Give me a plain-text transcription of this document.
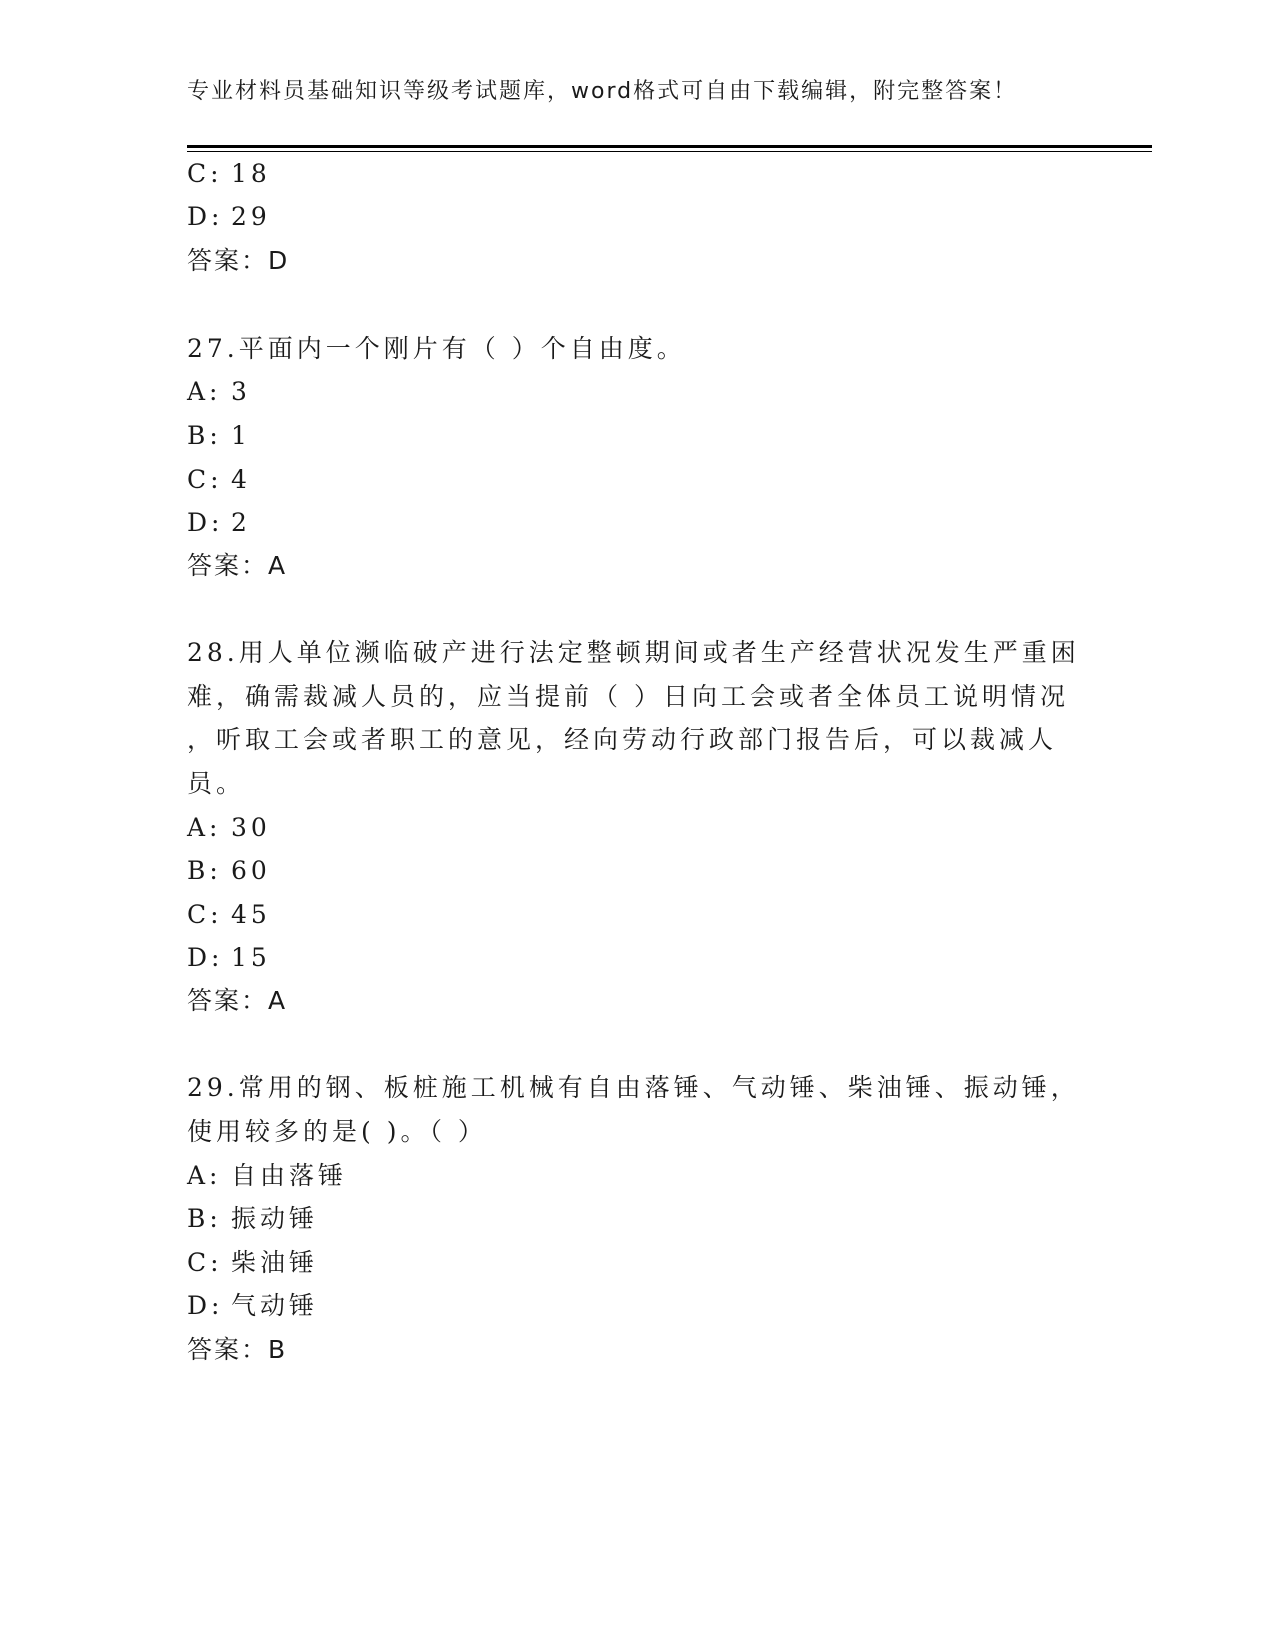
专业材料员基础知识等级考试题库，word格式可自由下载编辑，附完整答案！
C: 18
D: 29
答案：D
27.平面内一个刚片有（ ）个自由度。
A: 3
B: 1
C: 4
D: 2
答案：A
28.用人单位濒临破产进行法定整顿期间或者生产经营状况发生严重困
难，确需裁减人员的，应当提前（ ）日向工会或者全体员工说明情况
，听取工会或者职工的意见，经向劳动行政部门报告后，可以裁减人
员。
A: 30
B: 60
C: 45
D: 15
答案：A
29.常用的钢、板桩施工机械有自由落锤、气动锤、柴油锤、振动锤，
使用较多的是( )。（ ）
A: 自由落锤
B: 振动锤
C: 柴油锤
D: 气动锤
答案：B
